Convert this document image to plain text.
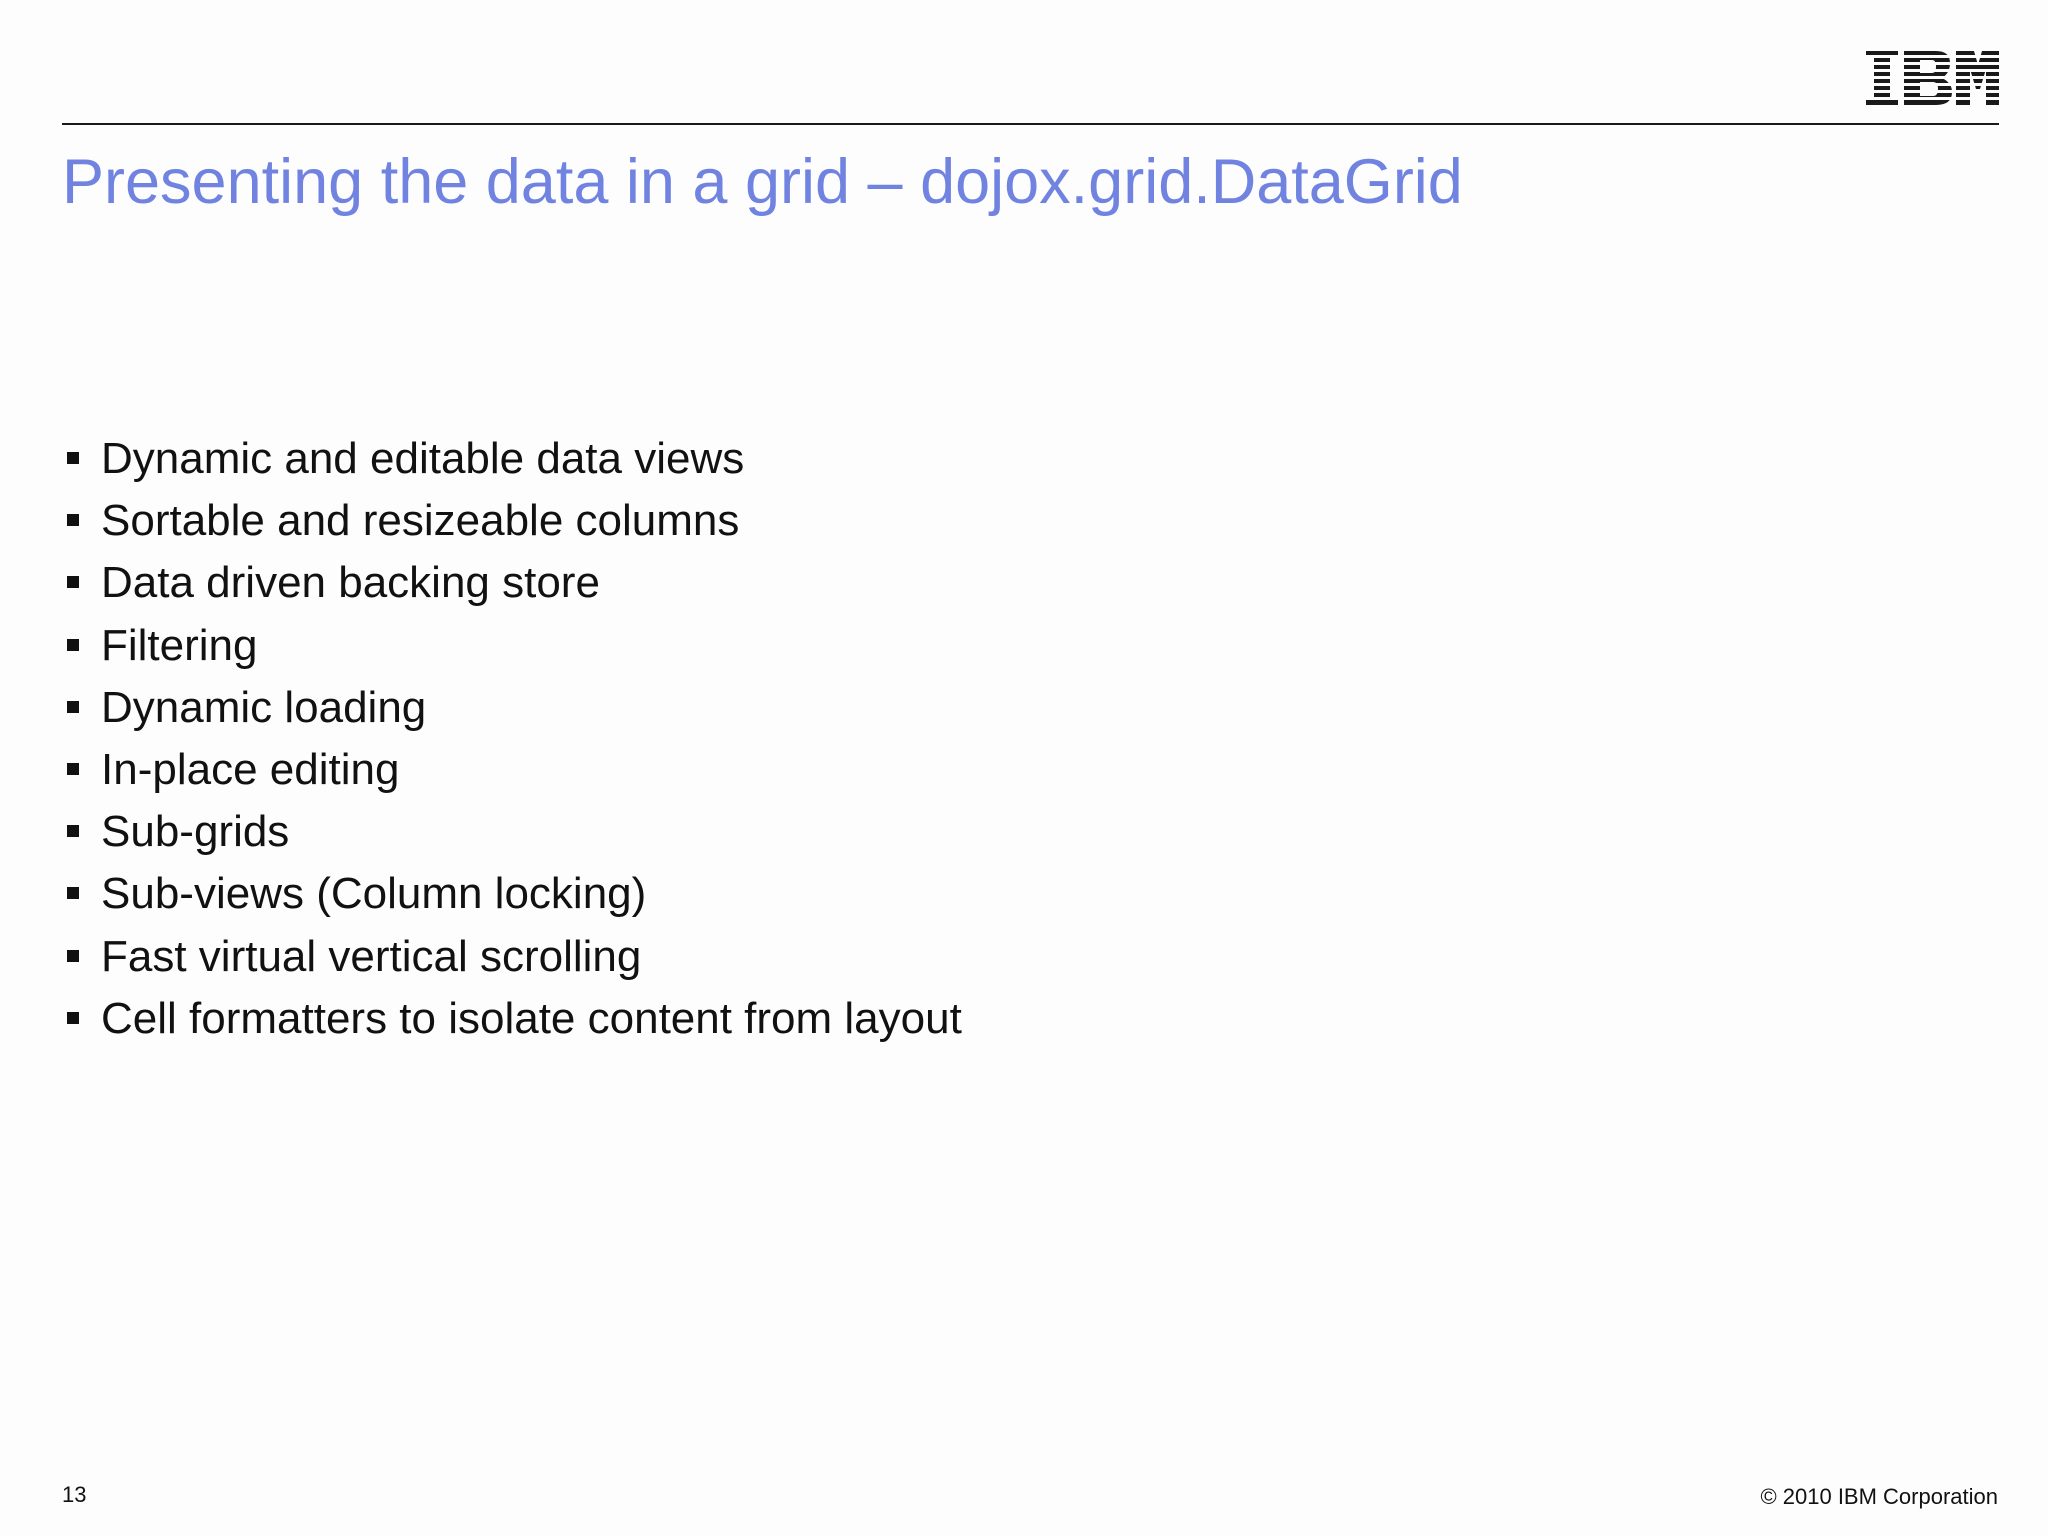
Presenting the data in a grid – dojox.grid.DataGrid
Dynamic and editable data views
Sortable and resizeable columns
Data driven backing store
Filtering
Dynamic loading
In-place editing
Sub-grids
Sub-views (Column locking)
Fast virtual vertical scrolling
Cell formatters to isolate content from layout
13	© 2010 IBM Corporation
